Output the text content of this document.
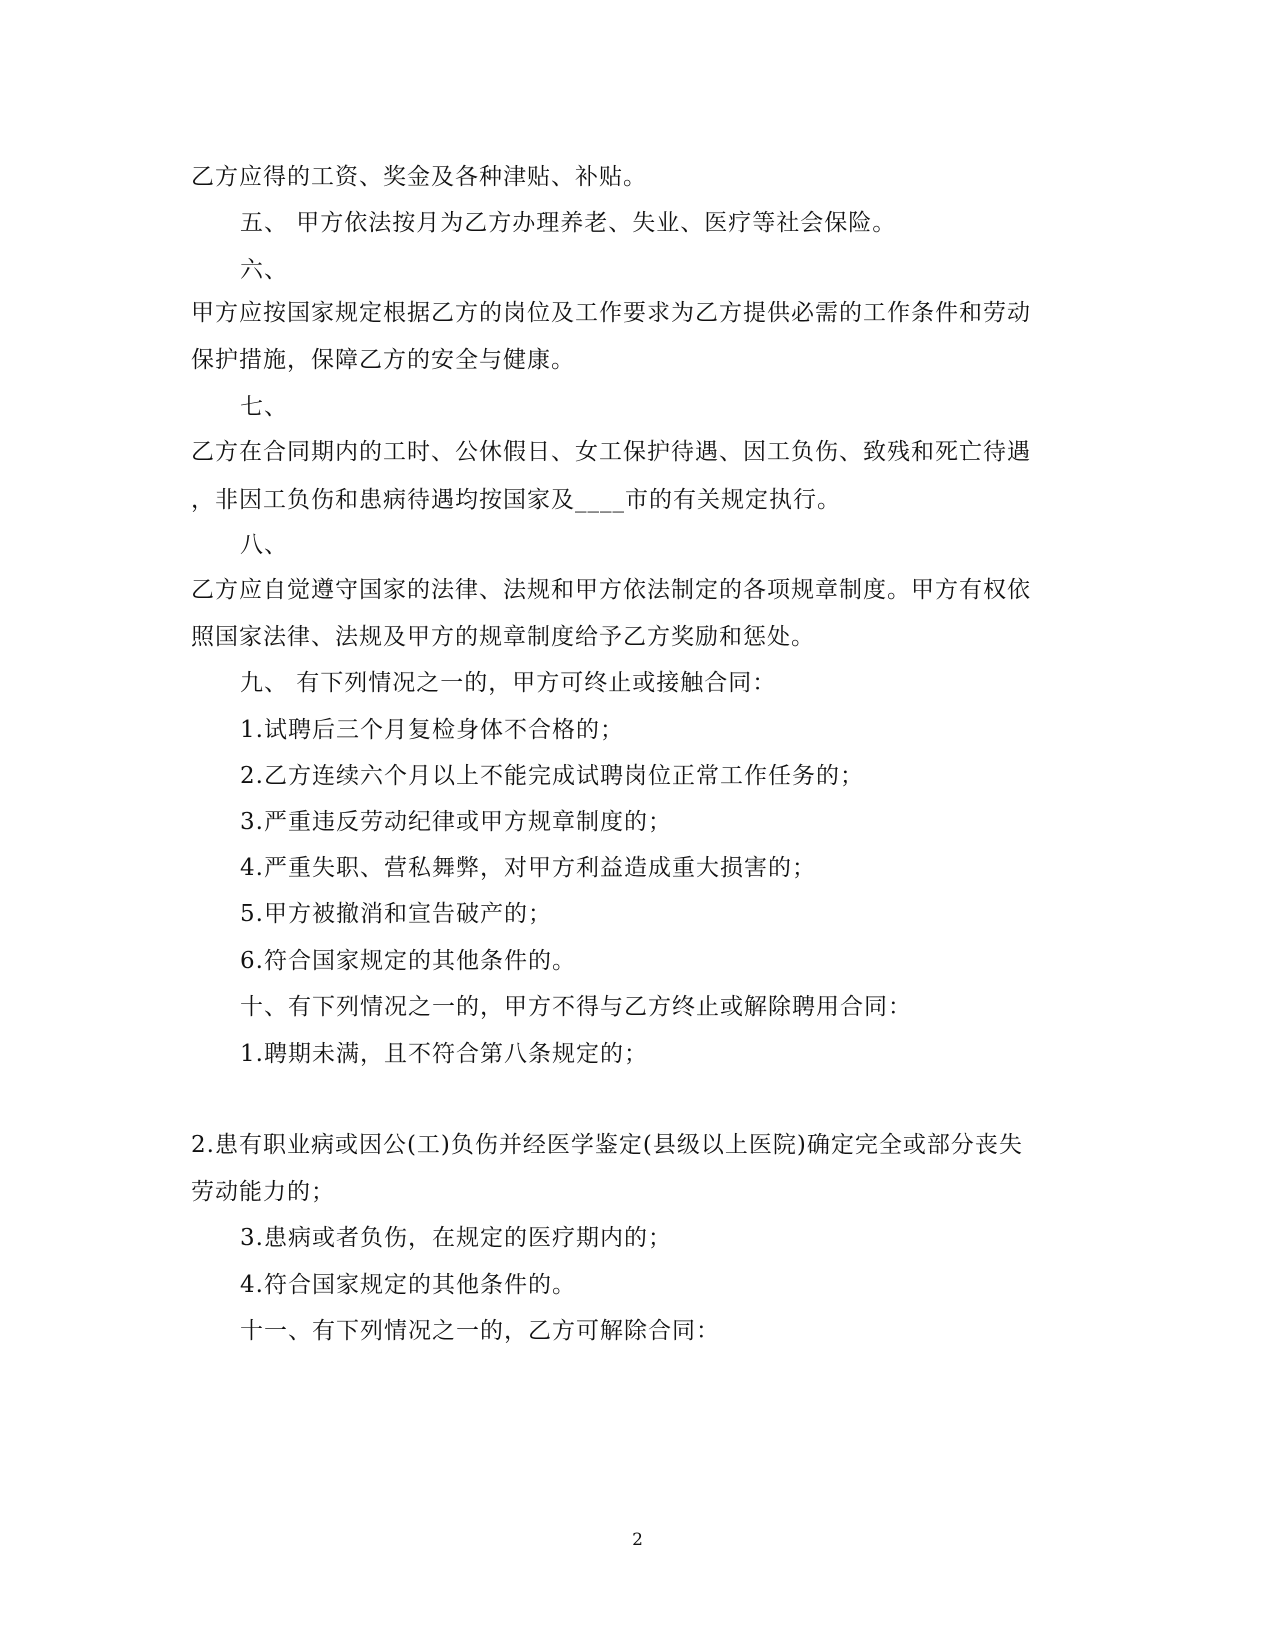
乙方应得的工资、奖金及各种津贴、补贴。
五、 甲方依法按月为乙方办理养老、失业、医疗等社会保险。
六、
甲方应按国家规定根据乙方的岗位及工作要求为乙方提供必需的工作条件和劳动
保护措施，保障乙方的安全与健康。
七、
乙方在合同期内的工时、公休假日、女工保护待遇、因工负伤、致残和死亡待遇
，非因工负伤和患病待遇均按国家及____市的有关规定执行。
八、
乙方应自觉遵守国家的法律、法规和甲方依法制定的各项规章制度。甲方有权依
照国家法律、法规及甲方的规章制度给予乙方奖励和惩处。
九、 有下列情况之一的，甲方可终止或接触合同：
1.试聘后三个月复检身体不合格的；
2.乙方连续六个月以上不能完成试聘岗位正常工作任务的；
3.严重违反劳动纪律或甲方规章制度的；
4.严重失职、营私舞弊，对甲方利益造成重大损害的；
5.甲方被撤消和宣告破产的；
6.符合国家规定的其他条件的。
十、有下列情况之一的，甲方不得与乙方终止或解除聘用合同：
1.聘期未满，且不符合第八条规定的；
2.患有职业病或因公(工)负伤并经医学鉴定(县级以上医院)确定完全或部分丧失
劳动能力的；
3.患病或者负伤，在规定的医疗期内的；
4.符合国家规定的其他条件的。
十一、有下列情况之一的，乙方可解除合同：
2
